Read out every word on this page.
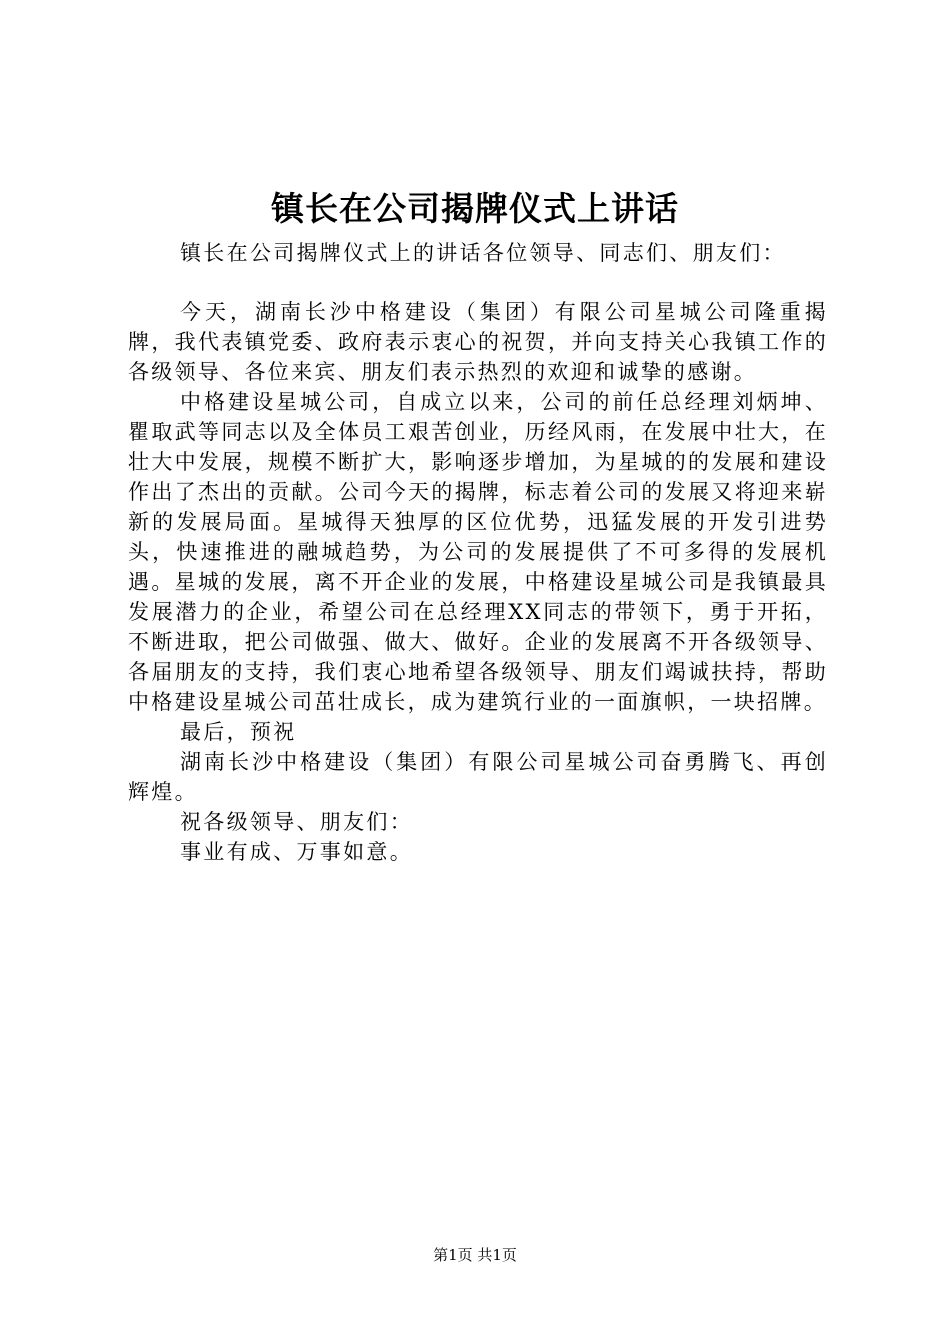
镇长在公司揭牌仪式上讲话
镇长在公司揭牌仪式上的讲话各位领导、同志们、朋友们：

今天，湖南长沙中格建设（集团）有限公司星城公司隆重揭牌，我代表镇党委、政府表示衷心的祝贺，并向支持关心我镇工作的各级领导、各位来宾、朋友们表示热烈的欢迎和诚挚的感谢。

中格建设星城公司，自成立以来，公司的前任总经理刘炳坤、瞿取武等同志以及全体员工艰苦创业，历经风雨，在发展中壮大，在壮大中发展，规模不断扩大，影响逐步增加，为星城的的发展和建设作出了杰出的贡献。公司今天的揭牌，标志着公司的发展又将迎来崭新的发展局面。星城得天独厚的区位优势，迅猛发展的开发引进势头，快速推进的融城趋势，为公司的发展提供了不可多得的发展机遇。星城的发展，离不开企业的发展，中格建设星城公司是我镇最具发展潜力的企业，希望公司在总经理XX同志的带领下，勇于开拓，不断进取，把公司做强、做大、做好。企业的发展离不开各级领导、各届朋友的支持，我们衷心地希望各级领导、朋友们竭诚扶持，帮助中格建设星城公司茁壮成长，成为建筑行业的一面旗帜，一块招牌。

最后，预祝

湖南长沙中格建设（集团）有限公司星城公司奋勇腾飞、再创辉煌。

祝各级领导、朋友们：

事业有成、万事如意。

第1页 共1页
